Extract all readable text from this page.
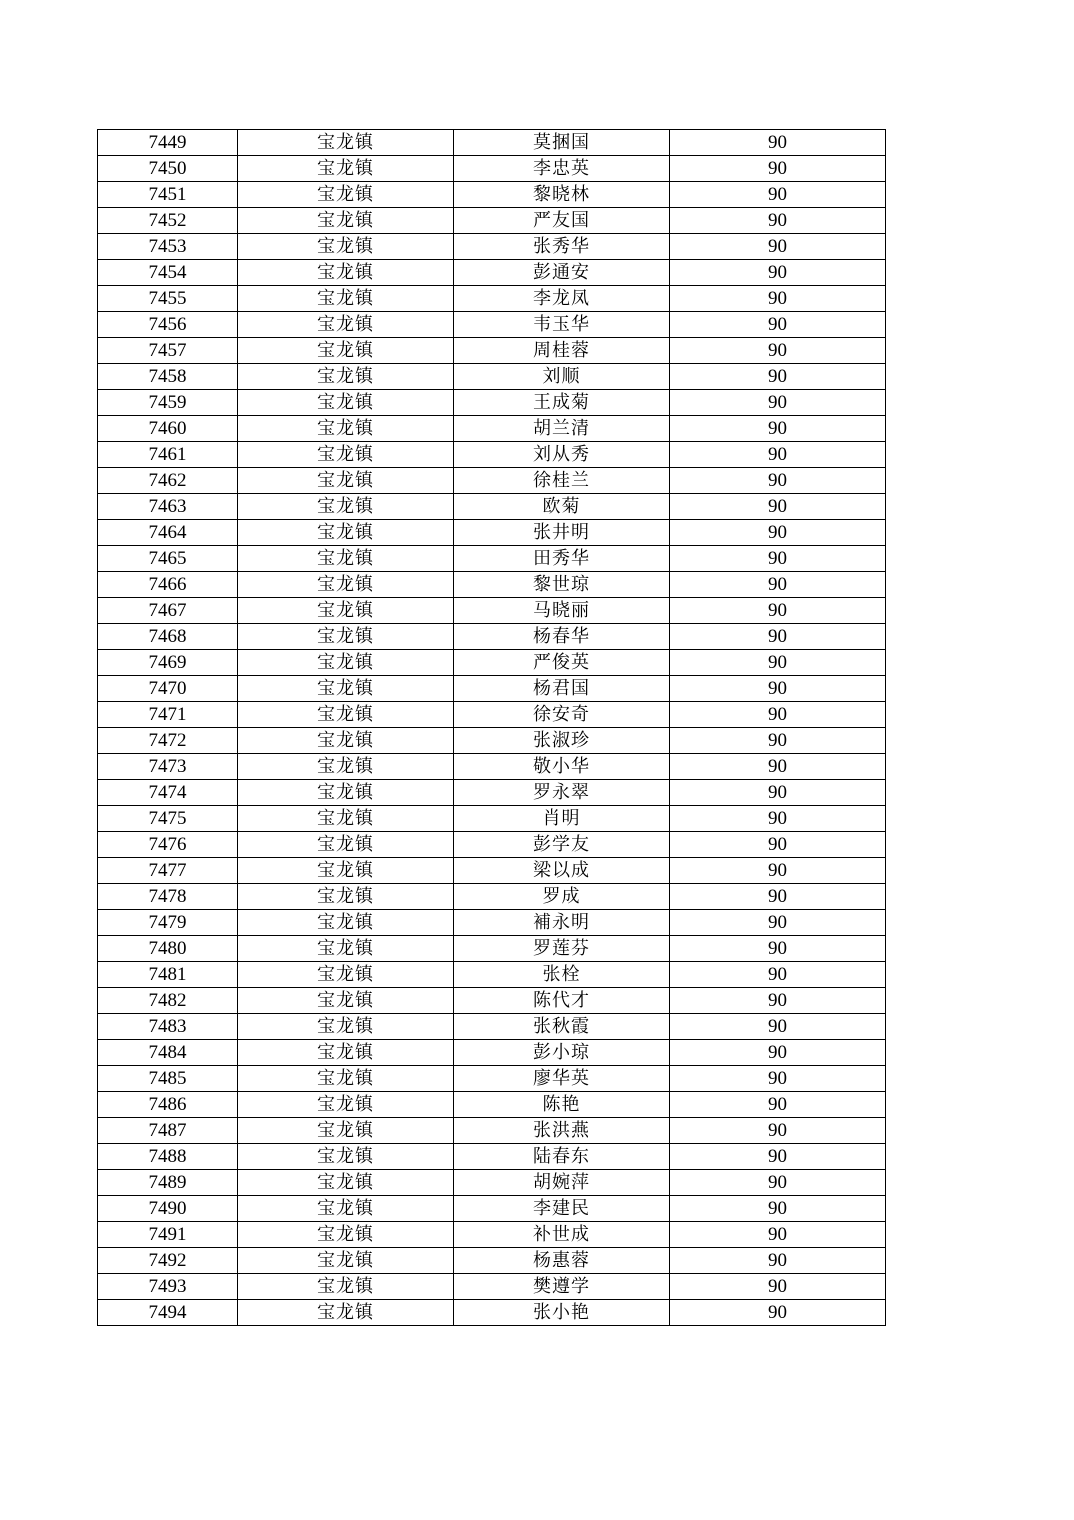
7449	宝龙镇	莫捆国	90
7450	宝龙镇	李忠英	90
7451	宝龙镇	黎晓林	90
7452	宝龙镇	严友国	90
7453	宝龙镇	张秀华	90
7454	宝龙镇	彭通安	90
7455	宝龙镇	李龙凤	90
7456	宝龙镇	韦玉华	90
7457	宝龙镇	周桂蓉	90
7458	宝龙镇	刘顺	90
7459	宝龙镇	王成菊	90
7460	宝龙镇	胡兰清	90
7461	宝龙镇	刘从秀	90
7462	宝龙镇	徐桂兰	90
7463	宝龙镇	欧菊	90
7464	宝龙镇	张井明	90
7465	宝龙镇	田秀华	90
7466	宝龙镇	黎世琼	90
7467	宝龙镇	马晓丽	90
7468	宝龙镇	杨春华	90
7469	宝龙镇	严俊英	90
7470	宝龙镇	杨君国	90
7471	宝龙镇	徐安奇	90
7472	宝龙镇	张淑珍	90
7473	宝龙镇	敬小华	90
7474	宝龙镇	罗永翠	90
7475	宝龙镇	肖明	90
7476	宝龙镇	彭学友	90
7477	宝龙镇	梁以成	90
7478	宝龙镇	罗成	90
7479	宝龙镇	補永明	90
7480	宝龙镇	罗莲芬	90
7481	宝龙镇	张栓	90
7482	宝龙镇	陈代才	90
7483	宝龙镇	张秋霞	90
7484	宝龙镇	彭小琼	90
7485	宝龙镇	廖华英	90
7486	宝龙镇	陈艳	90
7487	宝龙镇	张洪燕	90
7488	宝龙镇	陆春东	90
7489	宝龙镇	胡婉萍	90
7490	宝龙镇	李建民	90
7491	宝龙镇	补世成	90
7492	宝龙镇	杨惠蓉	90
7493	宝龙镇	樊遵学	90
7494	宝龙镇	张小艳	90
